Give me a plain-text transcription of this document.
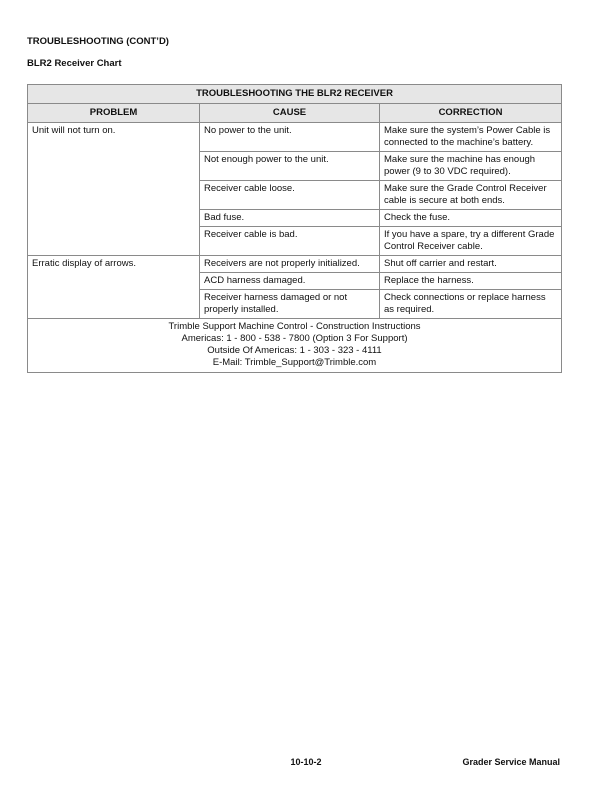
TROUBLESHOOTING (CONT’D)
BLR2 Receiver Chart
TROUBLESHOOTING THE BLR2 RECEIVER		
PROBLEM	CAUSE	CORRECTION
Unit will not turn on.	No power to the unit.	Make sure the system’s Power Cable is connected to the machine’s battery.
	Not enough power to the unit.	Make sure the machine has enough power (9 to 30 VDC required).
	Receiver cable loose.	Make sure the Grade Control Receiver cable is secure at both ends.
	Bad fuse.	Check the fuse.
	Receiver cable is bad.	If you have a spare, try a different Grade Control Receiver cable.
Erratic display of arrows.	Receivers are not properly initialized.	Shut off carrier and restart.
	ACD harness damaged.	Replace the harness.
	Receiver harness damaged or not properly installed.	Check connections or replace harness as required.

Trimble Support Machine Control - Construction Instructions
Americas: 1 - 800 - 538 - 7800 (Option 3 For Support)
Outside Of Americas: 1 - 303 - 323 - 4111
E-Mail: Trimble_Support@Trimble.com		
10-10-2	Grader Service Manual
